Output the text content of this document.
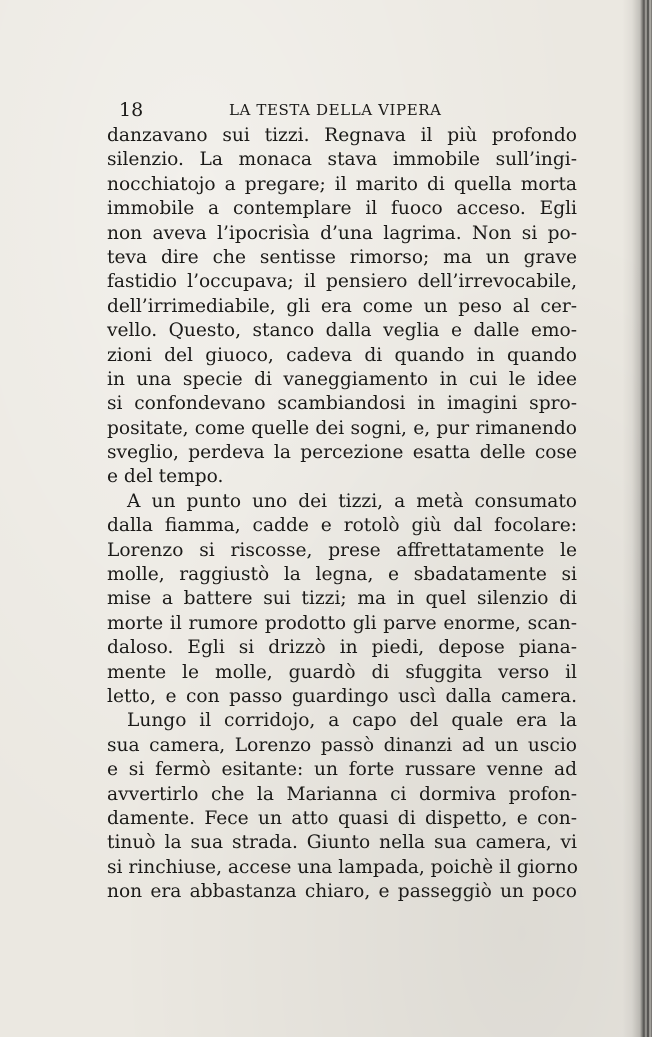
18	LA TESTA DELLA VIPERA
danzavano sui tizzi. Regnava il più profondo
silenzio. La monaca stava immobile sull’ingi-
nocchiatojo a pregare; il marito di quella morta
immobile a contemplare il fuoco acceso. Egli
non aveva l’ipocrisìa d’una lagrima. Non si po-
teva dire che sentisse rimorso; ma un grave
fastidio l’occupava; il pensiero dell’irrevocabile,
dell’irrimediabile, gli era come un peso al cer-
vello. Questo, stanco dalla veglia e dalle emo-
zioni del giuoco, cadeva di quando in quando
in una specie di vaneggiamento in cui le idee
si confondevano scambiandosi in imagini spro-
positate, come quelle dei sogni, e, pur rimanendo
sveglio, perdeva la percezione esatta delle cose
e del tempo.
A un punto uno dei tizzi, a metà consumato
dalla fiamma, cadde e rotolò giù dal focolare:
Lorenzo si riscosse, prese affrettatamente le
molle, raggiustò la legna, e sbadatamente si
mise a battere sui tizzi; ma in quel silenzio di
morte il rumore prodotto gli parve enorme, scan-
daloso. Egli si drizzò in piedi, depose piana-
mente le molle, guardò di sfuggita verso il
letto, e con passo guardingo uscì dalla camera.
Lungo il corridojo, a capo del quale era la
sua camera, Lorenzo passò dinanzi ad un uscio
e si fermò esitante: un forte russare venne ad
avvertirlo che la Marianna ci dormiva profon-
damente. Fece un atto quasi di dispetto, e con-
tinuò la sua strada. Giunto nella sua camera, vi
si rinchiuse, accese una lampada, poichè il giorno
non era abbastanza chiaro, e passeggiò un poco
